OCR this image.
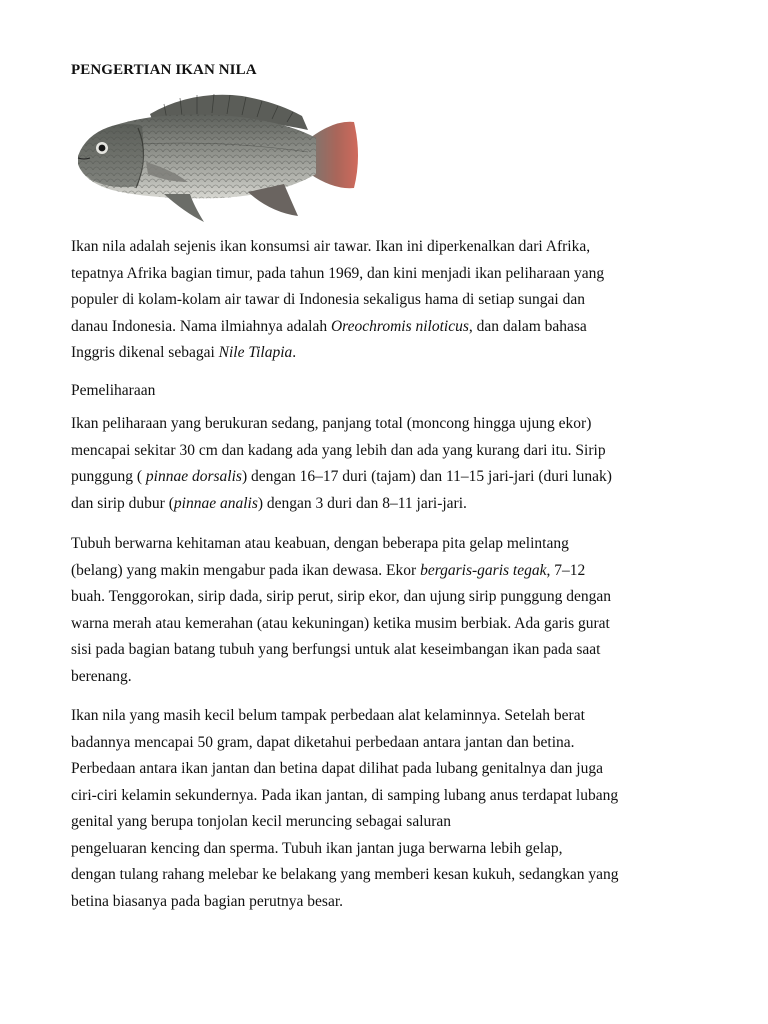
PENGERTIAN IKAN NILA
Ikan nila adalah sejenis ikan konsumsi air tawar. Ikan ini diperkenalkan dari Afrika,
tepatnya Afrika bagian timur, pada tahun 1969, dan kini menjadi ikan peliharaan yang
populer di kolam-kolam air tawar di Indonesia sekaligus hama di setiap sungai dan
danau Indonesia. Nama ilmiahnya adalah Oreochromis niloticus, dan dalam bahasa
Inggris dikenal sebagai Nile Tilapia.
Pemeliharaan
Ikan peliharaan yang berukuran sedang, panjang total (moncong hingga ujung ekor)
mencapai sekitar 30 cm dan kadang ada yang lebih dan ada yang kurang dari itu. Sirip
punggung ( pinnae dorsalis) dengan 16–17 duri (tajam) dan 11–15 jari-jari (duri lunak)
dan sirip dubur (pinnae analis) dengan 3 duri dan 8–11 jari-jari.
Tubuh berwarna kehitaman atau keabuan, dengan beberapa pita gelap melintang
(belang) yang makin mengabur pada ikan dewasa. Ekor bergaris-garis tegak, 7–12
buah. Tenggorokan, sirip dada, sirip perut, sirip ekor, dan ujung sirip punggung dengan
warna merah atau kemerahan (atau kekuningan) ketika musim berbiak. Ada garis gurat
sisi pada bagian batang tubuh yang berfungsi untuk alat keseimbangan ikan pada saat
berenang.
Ikan nila yang masih kecil belum tampak perbedaan alat kelaminnya. Setelah berat
badannya mencapai 50 gram, dapat diketahui perbedaan antara jantan dan betina.
Perbedaan antara ikan jantan dan betina dapat dilihat pada lubang genitalnya dan juga
ciri-ciri kelamin sekundernya. Pada ikan jantan, di samping lubang anus terdapat lubang
genital yang berupa tonjolan kecil meruncing sebagai saluran
pengeluaran kencing dan sperma. Tubuh ikan jantan juga berwarna lebih gelap,
dengan tulang rahang melebar ke belakang yang memberi kesan kukuh, sedangkan yang
betina biasanya pada bagian perutnya besar.
